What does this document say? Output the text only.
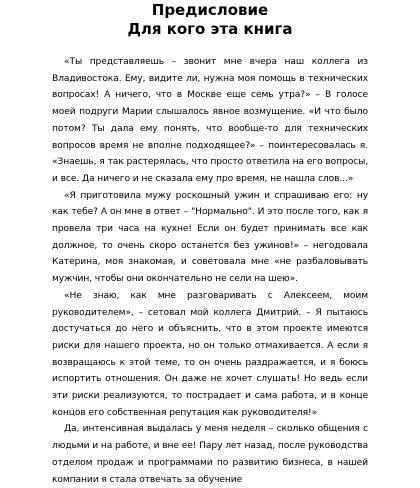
Предисловие
Для кого эта книга

«Ты представляешь – звонит мне вчера наш коллега из Владивостока. Ему, видите ли, нужна моя помощь в технических вопросах! А ничего, что в Москве еще семь утра?» – В голосе моей подруги Марии слышалось явное возмущение. «И что было потом? Ты дала ему понять, что вообще-то для технических вопросов время не вполне подходящее?» – поинтересовалась я. «Знаешь, я так растерялась, что просто ответила на его вопросы, и все. Да ничего и не сказала ему про время, не нашла слов...»

«Я приготовила мужу роскошный ужин и спрашиваю его: ну как тебе? А он мне в ответ – "Нормально". И это после того, как я провела три часа на кухне! Если он будет принимать все как должное, то очень скоро останется без ужинов!» – негодовала Катерина, моя знакомая, и советовала мне «не разбаловывать мужчин, чтобы они окончательно не сели на шею».

«Не знаю, как мне разговаривать с Алексеем, моим руководителем», – сетовал мой коллега Дмитрий. – Я пытаюсь достучаться до него и объяснить, что в этом проекте имеются риски для нашего проекта, но он только отмахивается. А если я возвращаюсь к этой теме, то он очень раздражается, и я боюсь испортить отношения. Он даже не хочет слушать! Но ведь если эти риски реализуются, то пострадает и сама работа, и в конце концов его собственная репутация как руководителя!»

Да, интенсивная выдалась у меня неделя – сколько общения с людьми и на работе, и вне ее! Пару лет назад, после руководства отделом продаж и программами по развитию бизнеса, в нашей компании я стала отвечать за обучение
